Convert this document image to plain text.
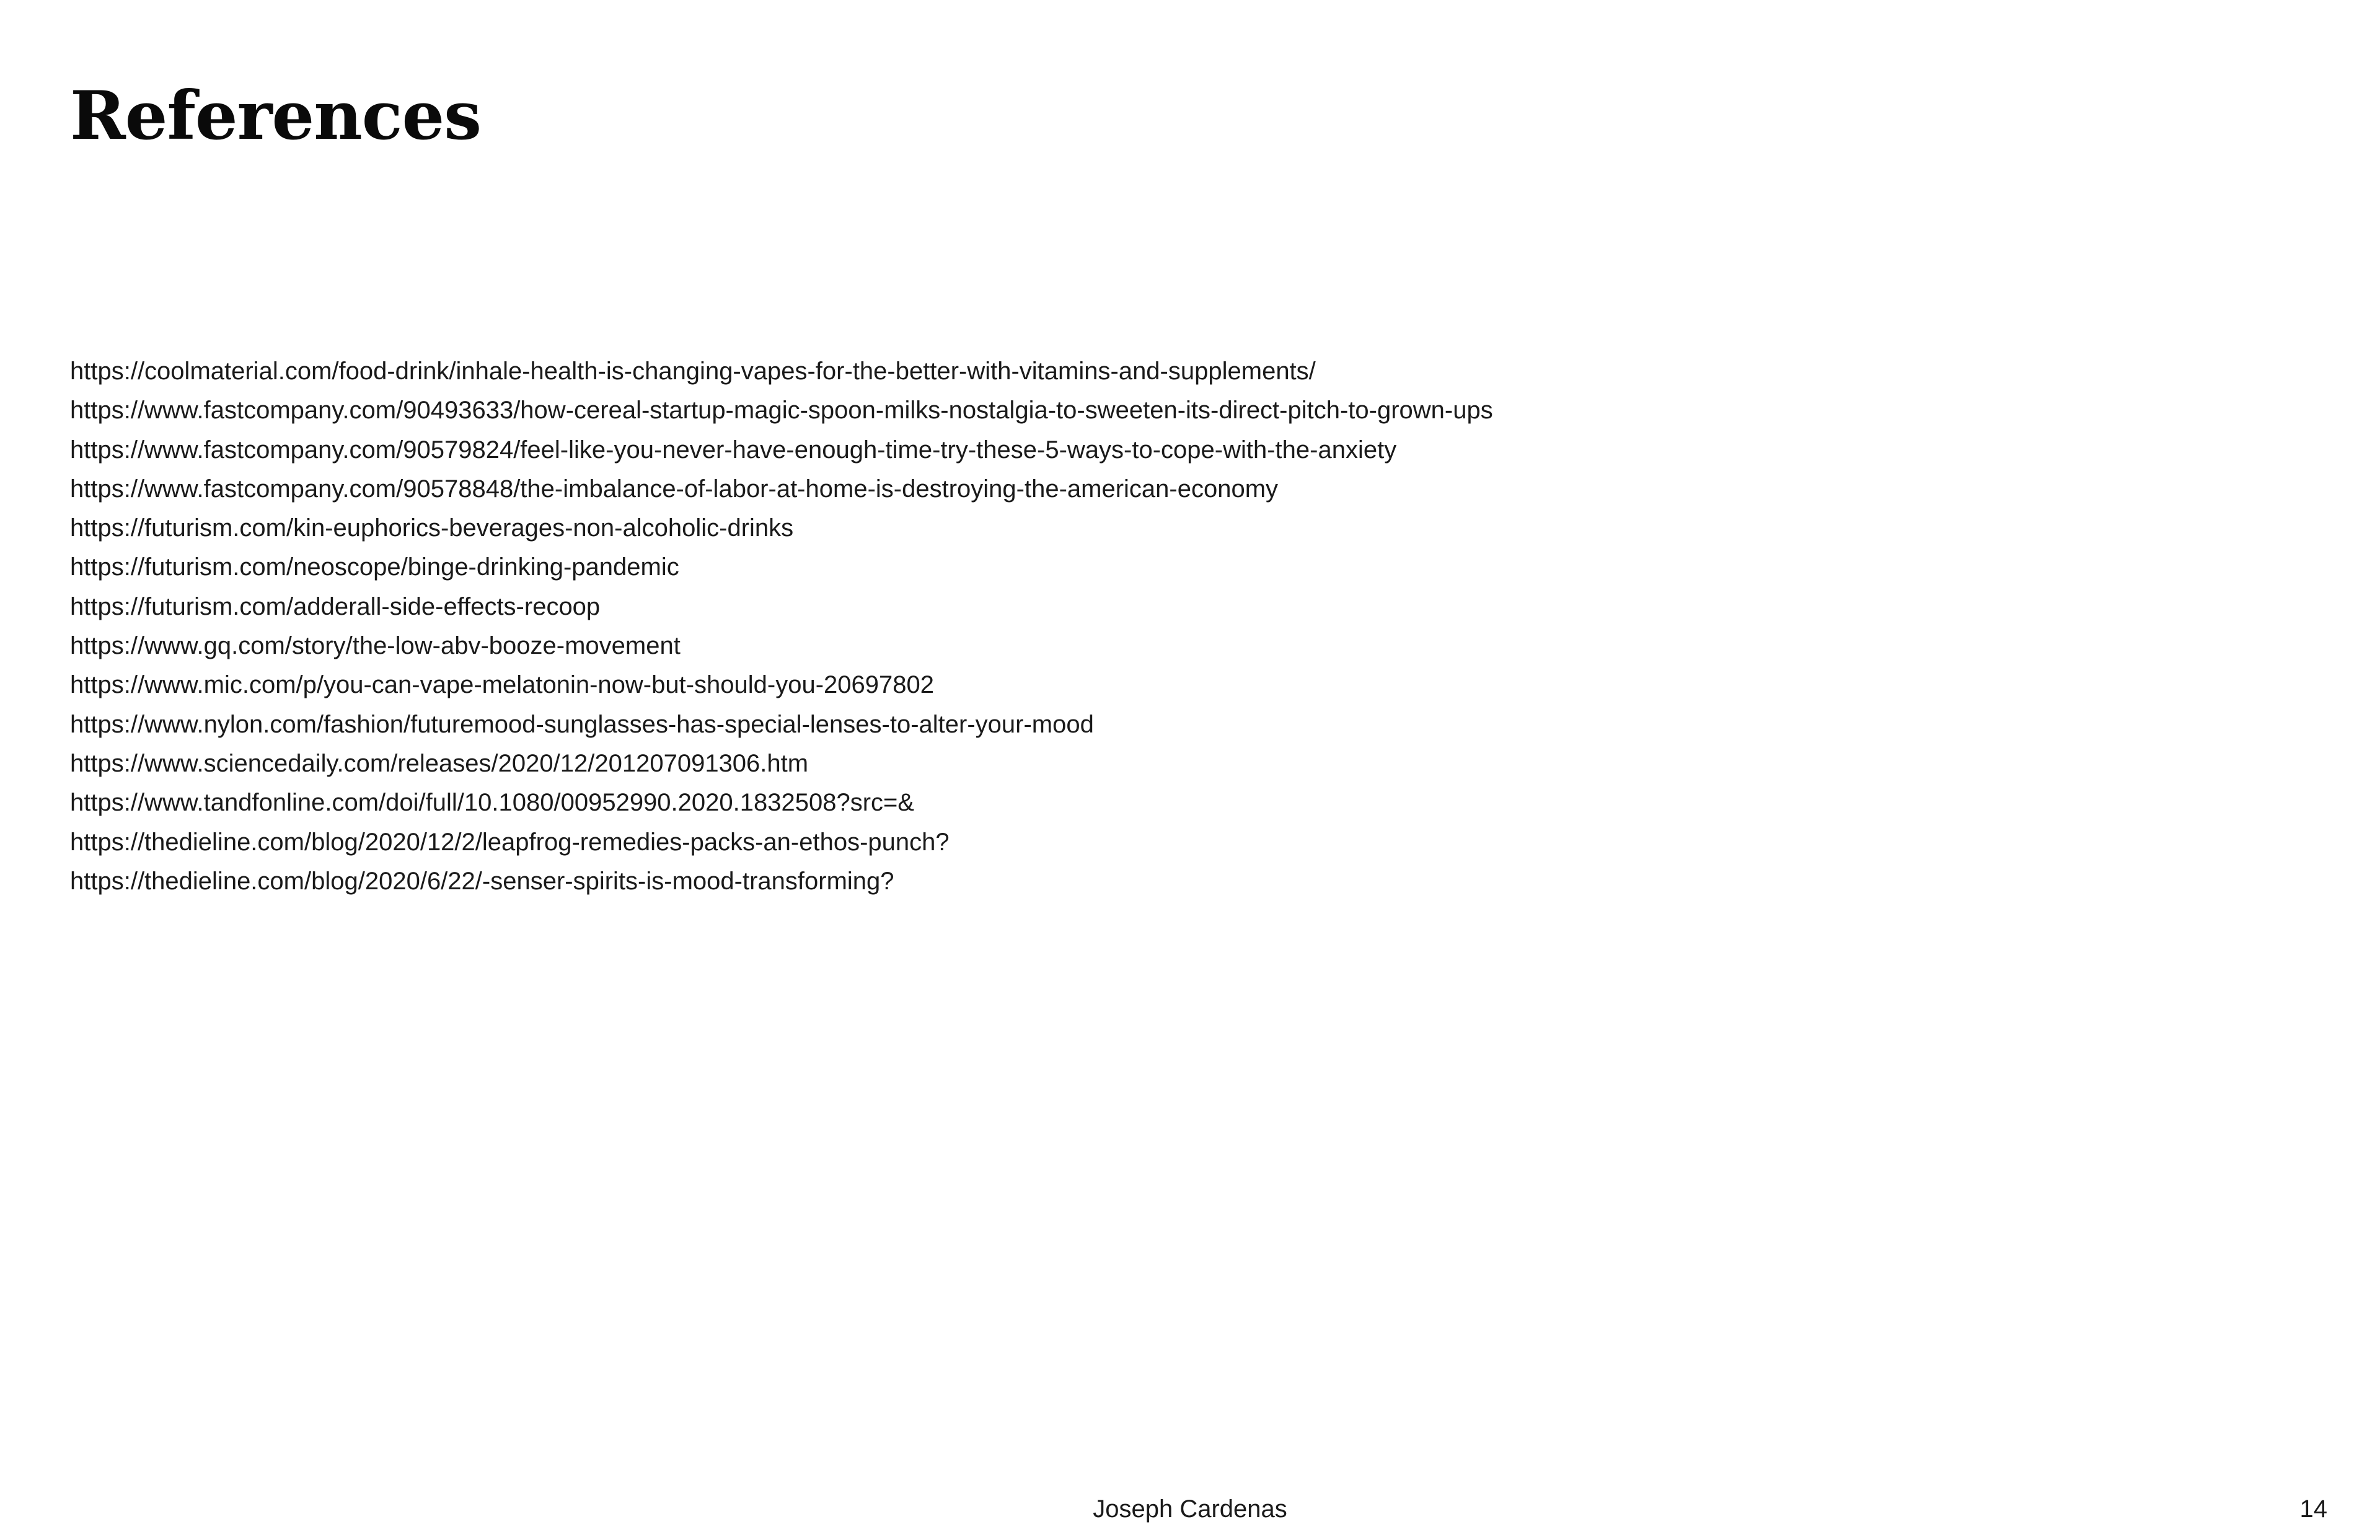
References
https://coolmaterial.com/food-drink/inhale-health-is-changing-vapes-for-the-better-with-vitamins-and-supplements/
https://www.fastcompany.com/90493633/how-cereal-startup-magic-spoon-milks-nostalgia-to-sweeten-its-direct-pitch-to-grown-ups
https://www.fastcompany.com/90579824/feel-like-you-never-have-enough-time-try-these-5-ways-to-cope-with-the-anxiety
https://www.fastcompany.com/90578848/the-imbalance-of-labor-at-home-is-destroying-the-american-economy
https://futurism.com/kin-euphorics-beverages-non-alcoholic-drinks
https://futurism.com/neoscope/binge-drinking-pandemic
https://futurism.com/adderall-side-effects-recoop
https://www.gq.com/story/the-low-abv-booze-movement
https://www.mic.com/p/you-can-vape-melatonin-now-but-should-you-20697802
https://www.nylon.com/fashion/futuremood-sunglasses-has-special-lenses-to-alter-your-mood
https://www.sciencedaily.com/releases/2020/12/201207091306.htm
https://www.tandfonline.com/doi/full/10.1080/00952990.2020.1832508?src=&
https://thedieline.com/blog/2020/12/2/leapfrog-remedies-packs-an-ethos-punch?
https://thedieline.com/blog/2020/6/22/-senser-spirits-is-mood-transforming?
Joseph Cardenas	14
